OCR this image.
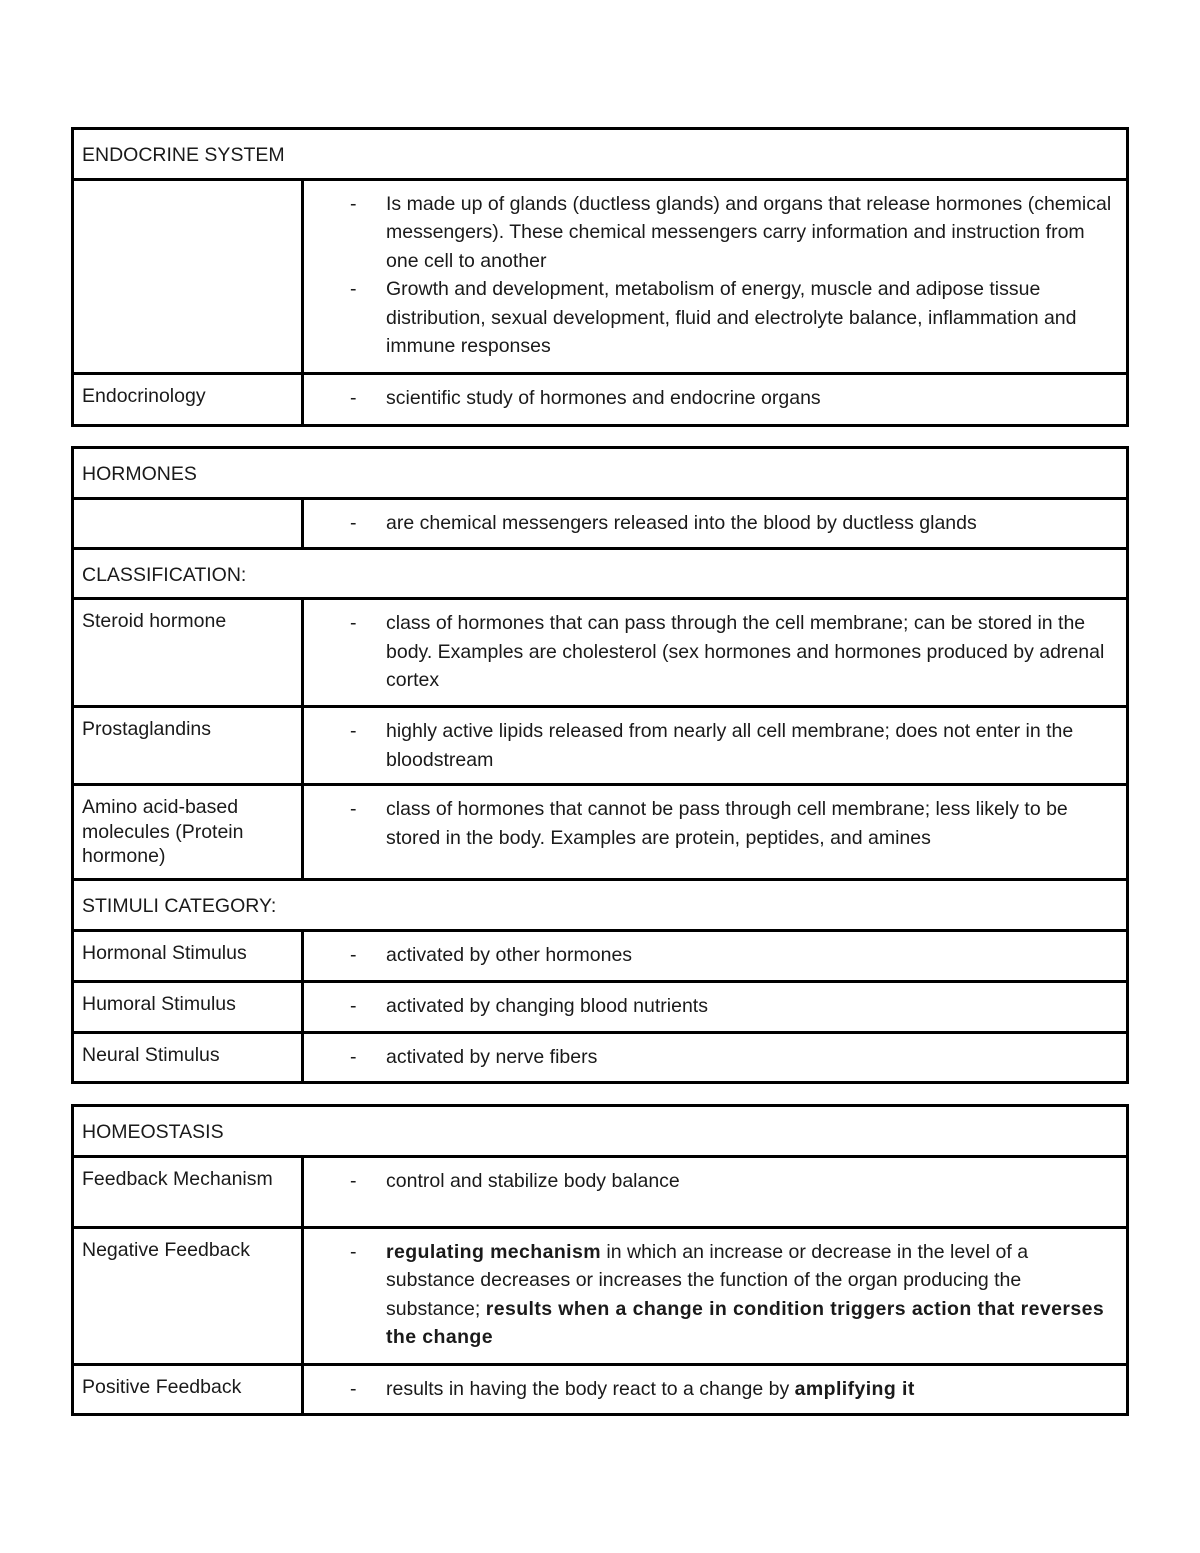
ENDOCRINE SYSTEM	

	- Is made up of glands (ductless glands) and organs that release hormones (chemical messengers). These chemical messengers carry information and instruction from one cell to another
- Growth and development, metabolism of energy, muscle and adipose tissue distribution, sexual development, fluid and electrolyte balance, inflammation and immune responses

Endocrinology	- scientific study of hormones and endocrine organs
HORMONES	

	- are chemical messengers released into the blood by ductless glands

CLASSIFICATION:	
Steroid hormone	- class of hormones that can pass through the cell membrane; can be stored in the body. Examples are cholesterol (sex hormones and hormones produced by adrenal cortex

Prostaglandins	- highly active lipids released from nearly all cell membrane; does not enter in the bloodstream

Amino acid-based molecules (Protein hormone)	- class of hormones that cannot be pass through cell membrane; less likely to be stored in the body. Examples are protein, peptides, and amines

STIMULI CATEGORY:	
Hormonal Stimulus	- activated by other hormones

Humoral Stimulus	- activated by changing blood nutrients

Neural Stimulus	- activated by nerve fibers
HOMEOSTASIS	
Feedback Mechanism	- control and stabilize body balance

Negative Feedback	- regulating mechanism in which an increase or decrease in the level of a substance decreases or increases the function of the organ producing the substance; results when a change in condition triggers action that reverses the change

Positive Feedback	- results in having the body react to a change by amplifying it
